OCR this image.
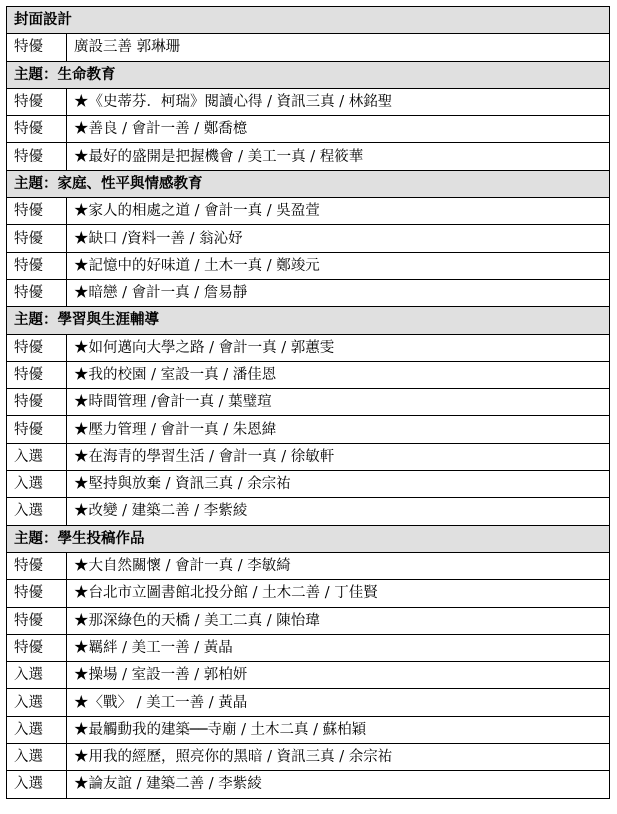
封面設計	
特優	廣設三善 郭琳珊
主題：生命教育	
特優	★《史蒂芬．柯瑞》閱讀心得 / 資訊三真 / 林銘聖
特優	★善良 / 會計一善 / 鄭喬檍
特優	★最好的盛開是把握機會 / 美工一真 / 程筱華
主題：家庭、性平與情感教育	
特優	★家人的相處之道 / 會計一真 / 吳盈萱
特優	★缺口 /資料一善 / 翁沁妤
特優	★記憶中的好味道 / 土木一真 / 鄭竣元
特優	★暗戀 / 會計一真 / 詹易靜
主題：學習與生涯輔導	
特優	★如何邁向大學之路 / 會計一真 / 郭蕙雯
特優	★我的校園 / 室設一真 / 潘佳恩
特優	★時間管理 /會計一真 / 葉璧瑄
特優	★壓力管理 / 會計一真 / 朱恩緯
入選	★在海青的學習生活 / 會計一真 / 徐敏軒
入選	★堅持與放棄 / 資訊三真 / 余宗祐
入選	★改變 / 建築二善 / 李紫綾
主題：學生投稿作品	
特優	★大自然關懷 / 會計一真 / 李敏綺
特優	★台北市立圖書館北投分館 / 土木二善 / 丁佳賢
特優	★那深綠色的天橋 / 美工二真 / 陳怡瑋
特優	★羈絆 / 美工一善 / 黃晶
入選	★操場 / 室設一善 / 郭柏妍
入選	★〈戰〉 / 美工一善 / 黃晶
入選	★最觸動我的建築──寺廟 / 土木二真 / 蘇柏穎
入選	★用我的經歷，照亮你的黑暗 / 資訊三真 / 余宗祐
入選	★論友誼 / 建築二善 / 李紫綾
